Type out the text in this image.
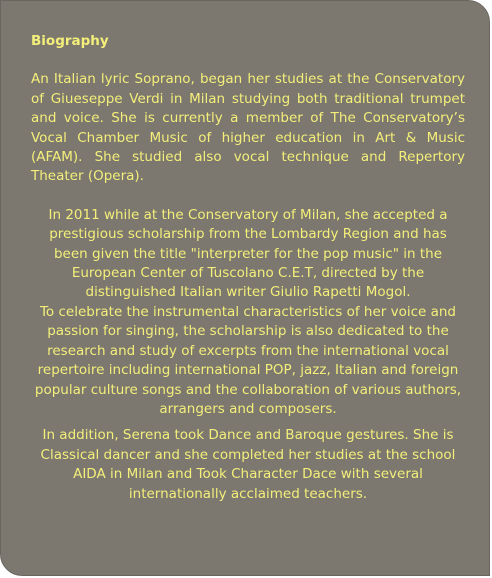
Biography

An Italian lyric Soprano, began her studies at the Conservatory of Giueseppe Verdi in Milan studying both traditional trumpet and voice. She is currently a member of The Conservatory’s Vocal Chamber Music of higher education in Art & Music (AFAM). She studied also vocal technique and Repertory Theater (Opera).

In 2011 while at the Conservatory of Milan, she accepted a prestigious scholarship from the Lombardy Region and has been given the title "interpreter for the pop music" in the European Center of Tuscolano C.E.T, directed by the distinguished Italian writer Giulio Rapetti Mogol.

To celebrate the instrumental characteristics of her voice and passion for singing, the scholarship is also dedicated to the research and study of excerpts from the international vocal repertoire including international POP, jazz, Italian and foreign popular culture songs and the collaboration of various authors, arrangers and composers.

In addition, Serena took Dance and Baroque gestures. She is Classical dancer and she completed her studies at the school AIDA in Milan and Took Character Dace with several internationally acclaimed teachers.
